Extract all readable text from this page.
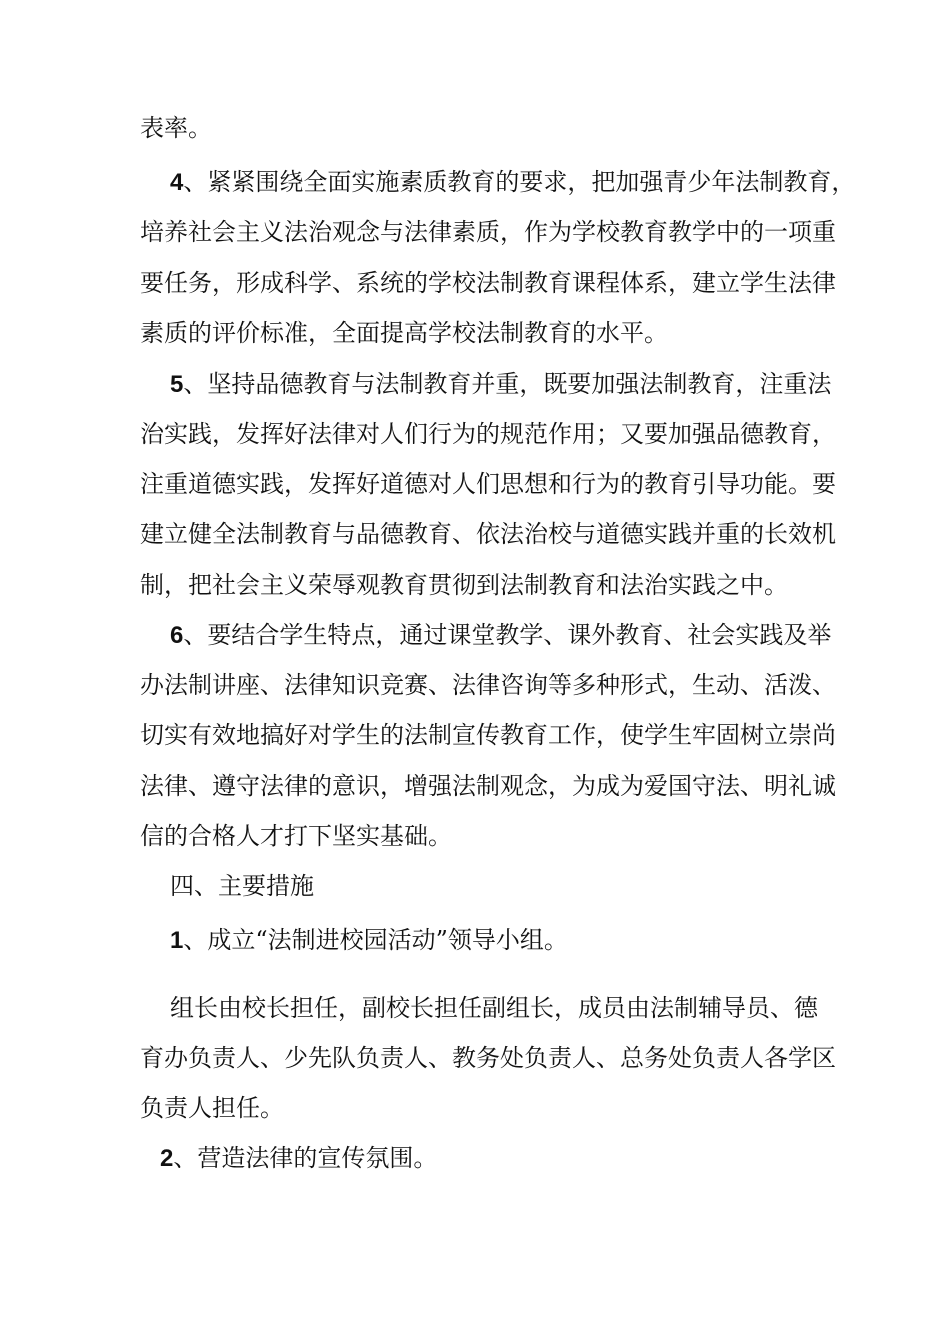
表率。
4、紧紧围绕全面实施素质教育的要求，把加强青少年法制教育，
培养社会主义法治观念与法律素质，作为学校教育教学中的一项重
要任务，形成科学、系统的学校法制教育课程体系，建立学生法律
素质的评价标准，全面提高学校法制教育的水平。
5、坚持品德教育与法制教育并重，既要加强法制教育，注重法
治实践，发挥好法律对人们行为的规范作用；又要加强品德教育，
注重道德实践，发挥好道德对人们思想和行为的教育引导功能。要
建立健全法制教育与品德教育、依法治校与道德实践并重的长效机
制，把社会主义荣辱观教育贯彻到法制教育和法治实践之中。
6、要结合学生特点，通过课堂教学、课外教育、社会实践及举
办法制讲座、法律知识竞赛、法律咨询等多种形式，生动、活泼、
切实有效地搞好对学生的法制宣传教育工作，使学生牢固树立崇尚
法律、遵守法律的意识，增强法制观念，为成为爱国守法、明礼诚
信的合格人才打下坚实基础。
四、主要措施
1、成立“法制进校园活动”领导小组。
组长由校长担任，副校长担任副组长，成员由法制辅导员、德
育办负责人、少先队负责人、教务处负责人、总务处负责人各学区
负责人担任。
2、营造法律的宣传氛围。
